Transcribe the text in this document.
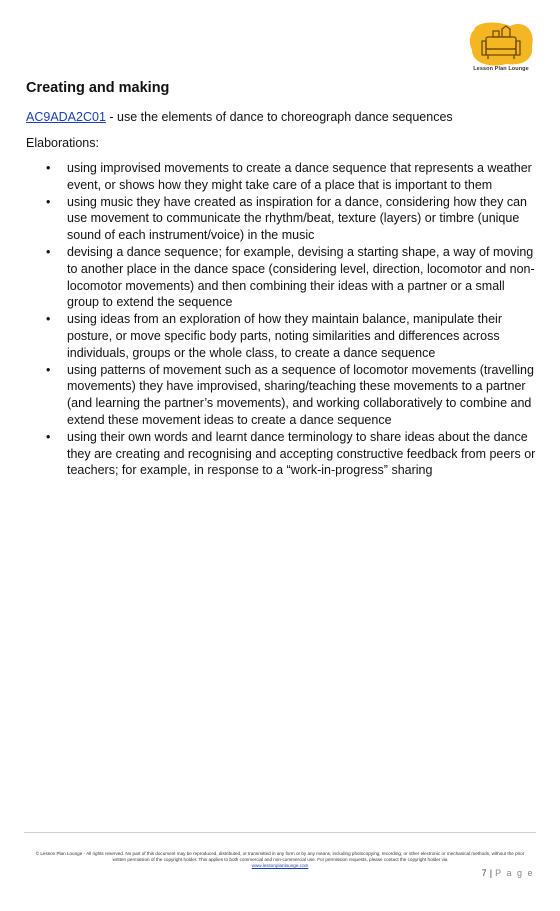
Lesson Plan Lounge
Creating and making

AC9ADA2C01 - use the elements of dance to choreograph dance sequences

Elaborations:

• using improvised movements to create a dance sequence that represents a weather event, or shows how they might take care of a place that is important to them
• using music they have created as inspiration for a dance, considering how they can use movement to communicate the rhythm/beat, texture (layers) or timbre (unique sound of each instrument/voice) in the music
• devising a dance sequence; for example, devising a starting shape, a way of moving to another place in the dance space (considering level, direction, locomotor and non-locomotor movements) and then combining their ideas with a partner or a small group to extend the sequence
• using ideas from an exploration of how they maintain balance, manipulate their posture, or move specific body parts, noting similarities and differences across individuals, groups or the whole class, to create a dance sequence
• using patterns of movement such as a sequence of locomotor movements (travelling movements) they have improvised, sharing/teaching these movements to a partner (and learning the partner’s movements), and working collaboratively to combine and extend these movement ideas to create a dance sequence
• using their own words and learnt dance terminology to share ideas about the dance they are creating and recognising and accepting constructive feedback from peers or teachers; for example, in response to a “work-in-progress” sharing
© Lesson Plan Lounge - All rights reserved. No part of this document may be reproduced, distributed, or transmitted in any form or by any means, including photocopying, recording, or other electronic or mechanical methods, without the prior written permission of the copyright holder. This applies to both commercial and non-commercial use. For permission requests, please contact the copyright holder via
www.lessonplanlounge.com
7 | P a g e
